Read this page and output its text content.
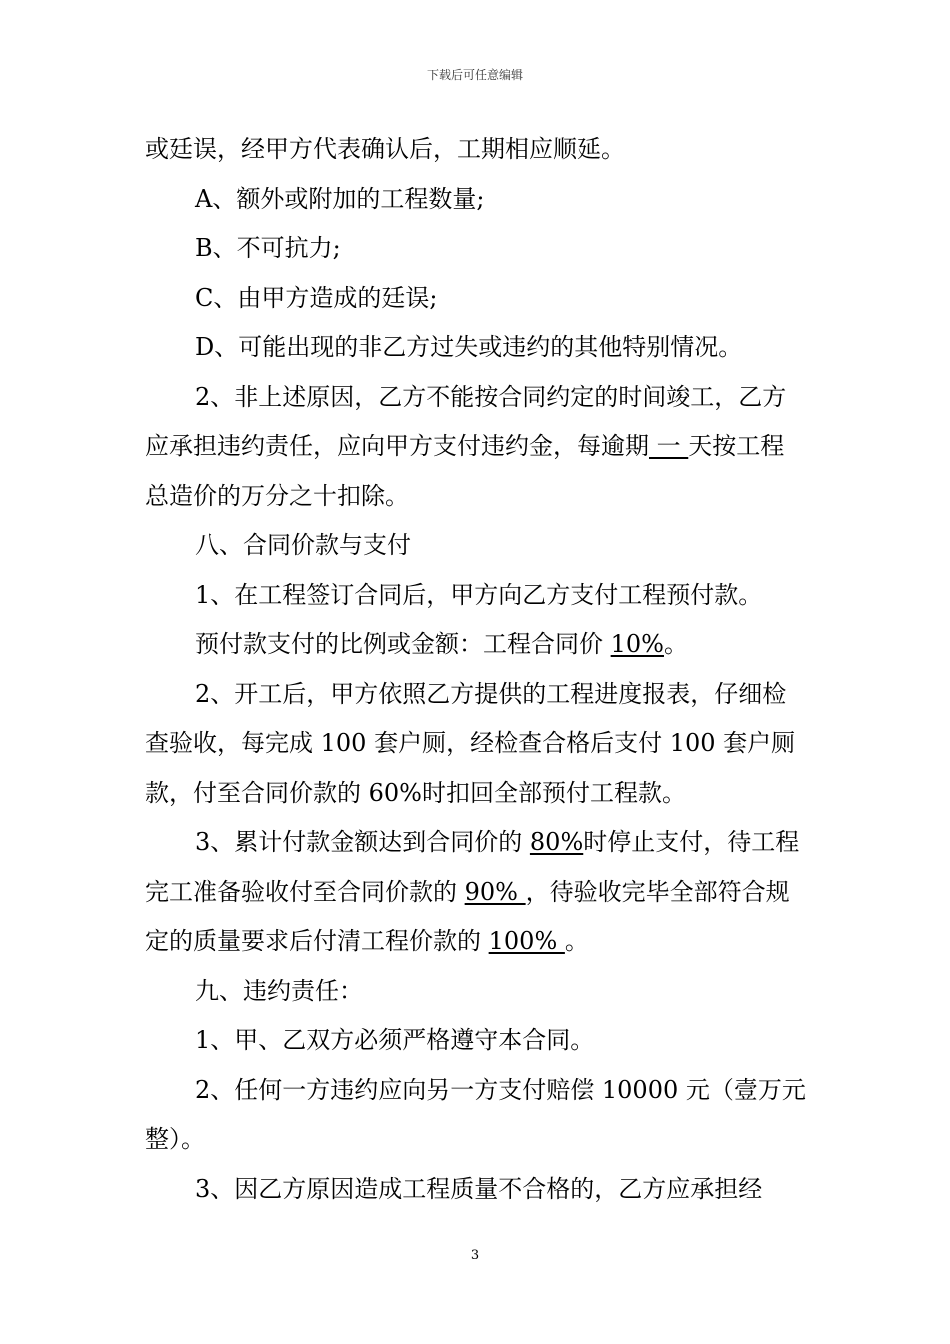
下载后可任意编辑

或廷误，经甲方代表确认后，工期相应顺延。

A、额外或附加的工程数量;

B、不可抗力;

C、由甲方造成的廷误;

D、可能出现的非乙方过失或违约的其他特别情况。

2、非上述原因，乙方不能按合同约定的时间竣工，乙方应承担违约责任，应向甲方支付违约金，每逾期 一 天按工程总造价的万分之十扣除。

八、合同价款与支付

1、在工程签订合同后，甲方向乙方支付工程预付款。

预付款支付的比例或金额：工程合同价 10%。

2、开工后，甲方依照乙方提供的工程进度报表，仔细检查验收，每完成 100 套户厕，经检查合格后支付 100 套户厕款，付至合同价款的 60%时扣回全部预付工程款。

3、累计付款金额达到合同价的 80%时停止支付，待工程完工准备验收付至合同价款的 90% ，待验收完毕全部符合规定的质量要求后付清工程价款的 100% 。

九、违约责任：

1、甲、乙双方必须严格遵守本合同。

2、任何一方违约应向另一方支付赔偿 10000 元（壹万元整）。

3、因乙方原因造成工程质量不合格的，乙方应承担经

3
